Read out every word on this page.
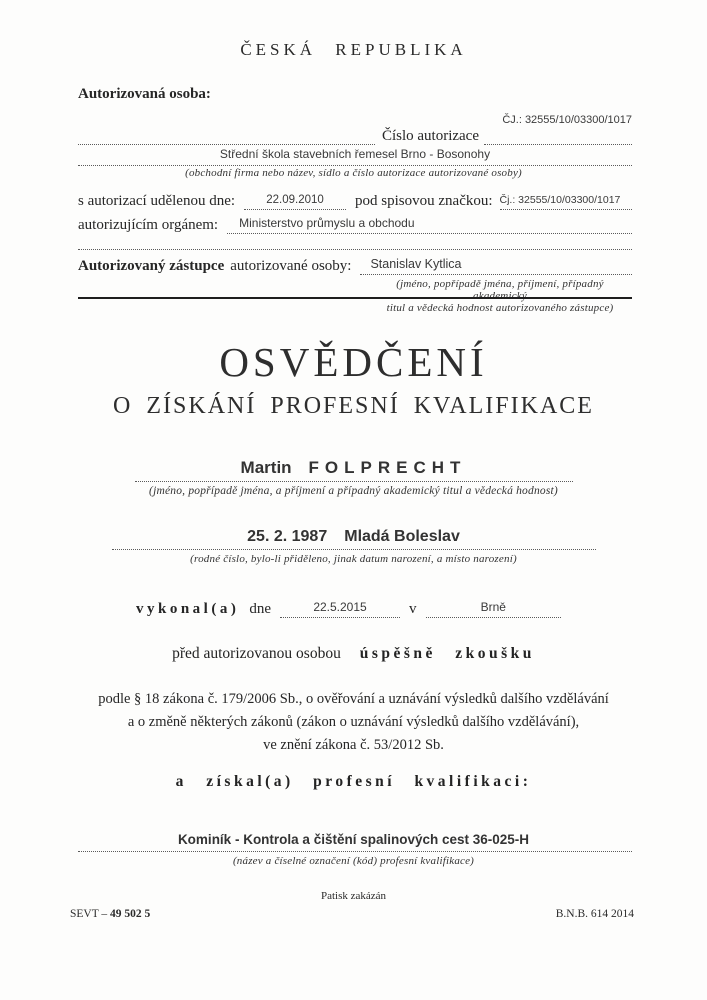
ČESKÁ REPUBLIKA
Autorizovaná osoba:
ČJ.: 32555/10/03300/1017
Číslo autorizace
Střední škola stavebních řemesel Brno - Bosonohy
(obchodní firma nebo název, sídlo a číslo autorizace autorizované osoby)
s autorizací udělenou dne:	22.09.2010	pod spisovou značkou: Čj.: 32555/10/03300/1017
autorizujícím orgánem:	Ministerstvo průmyslu a obchodu
Autorizovaný zástupce autorizované osoby:	Stanislav Kytlica
(jméno, popřípadě jména, příjmení, případný akademický
titul a vědecká hodnost autorizovaného zástupce)
OSVĚDČENÍ
O ZÍSKÁNÍ PROFESNÍ KVALIFIKACE
Martin FOLPRECHT
(jméno, popřípadě jména, a příjmení a případný akademický titul a vědecká hodnost)
25. 2. 1987 Mladá Boleslav
(rodné číslo, bylo-li přiděleno, jinak datum narození, a místo narození)
vykonal(a) dne	22.5.2015	v	Brně
před autorizovanou osobou úspěšně zkoušku
podle § 18 zákona č. 179/2006 Sb., o ověřování a uznávání výsledků dalšího vzdělávání
a o změně některých zákonů (zákon o uznávání výsledků dalšího vzdělávání),
ve znění zákona č. 53/2012 Sb.
a získal(a) profesní kvalifikaci:
Kominík - Kontrola a čištění spalinových cest 36-025-H
(název a číselné označení (kód) profesní kvalifikace)
Patisk zakázán
SEVT – 49 502 5	B.N.B. 614 2014
